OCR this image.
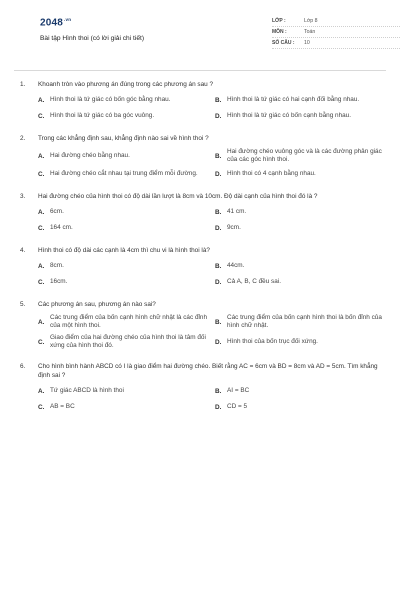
$2048^{.vn}$
Bài tập Hình thoi (có lời giải chi tiết)
LỚP :	Lớp 8
MÔN :	Toán
SỐ CÂU :	10
1.	Khoanh tròn vào phương án đúng trong các phương án sau ?
A. Hình thoi là tứ giác có bốn góc bằng nhau.	B. Hình thoi là tứ giác có hai cạnh đối bằng nhau.
C. Hình thoi là tứ giác có ba góc vuông.	D. Hình thoi là tứ giác có bốn cạnh bằng nhau.
2.	Trong các khẳng định sau, khẳng định nào sai về hình thoi ?
A. Hai đường chéo bằng nhau.	B.
Hai đường chéo vuông góc và là các đường phân giác của các góc hình thoi.
C. Hai đường chéo cắt nhau tại trung điểm mỗi đường.	D. Hình thoi có 4 cạnh bằng nhau.
3.	Hai đường chéo của hình thoi có độ dài lần lượt là 8cm và 10cm. Độ dài cạnh của hình thoi đó là ?
A. 6cm.	B. 41 cm.
C. 164 cm.	D. 9cm.
4.	Hình thoi có độ dài các cạnh là 4cm thì chu vi là hình thoi là?
A. 8cm.	B. 44cm.
C. 16cm.	D. Cả A, B, C đều sai.
5.	Các phương án sau, phương án nào sai?
A.
Các trung điểm của bốn cạnh hình chữ nhật là các đỉnh của một hình thoi.	B.
Các trung điểm của bốn cạnh hình thoi là bốn đỉnh của hình chữ nhật.
C.
Giao điểm của hai đường chéo của hình thoi là tâm đối xứng của hình thoi đó.	D. Hình thoi của bốn trục đối xứng.
6.	Cho hình bình hành ABCD có I là giao điểm hai đường chéo. Biết rằng AC = 6cm và BD = 8cm và AD = 5cm. Tìm khẳng định sai ?
A. Tứ giác ABCD là hình thoi	B. AI = BC
C. AB = BC	D. CD = 5
